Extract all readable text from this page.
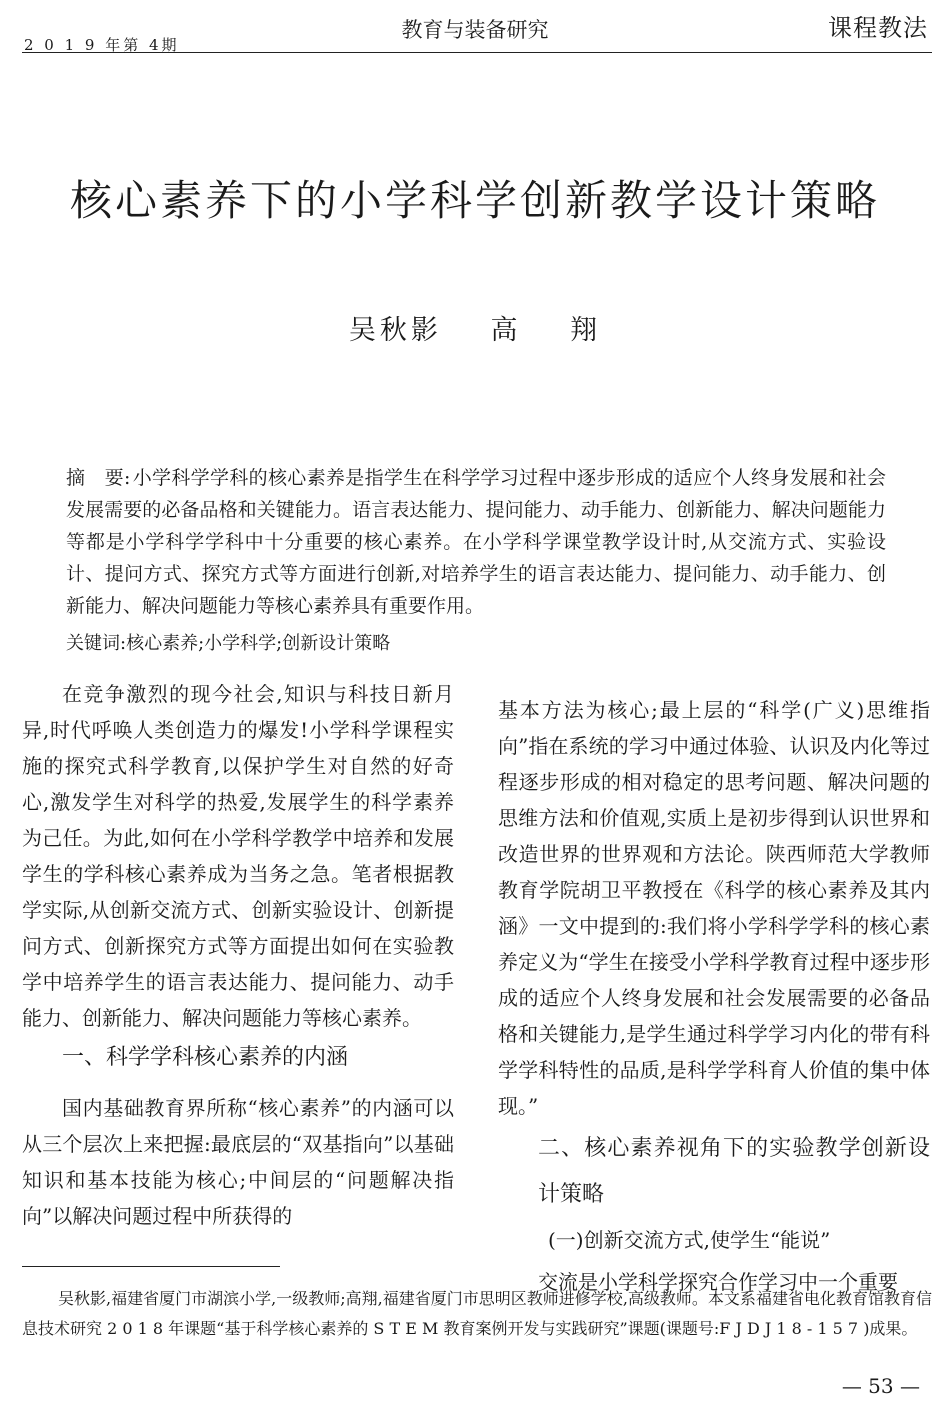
2 0 1 9 年第 4期
教育与装备研究	课程教法
核心素养下的小学科学创新教学设计策略
吴秋影 高 翔
摘　要: 小学科学学科的核心素养是指学生在科学学习过程中逐步形成的适应个人终身发展和社会发展需要的必备品格和关键能力。语言表达能力、提问能力、动手能力、创新能力、解决问题能力等都是小学科学学科中十分重要的核心素养。在小学科学课堂教学设计时,从交流方式、实验设计、提问方式、探究方式等方面进行创新,对培养学生的语言表达能力、提问能力、动手能力、创新能力、解决问题能力等核心素养具有重要作用。
关键词:核心素养;小学科学;创新设计策略

在竞争激烈的现今社会,知识与科技日新月异,时代呼唤人类创造力的爆发!小学科学课程实施的探究式科学教育,以保护学生对自然的好奇心,激发学生对科学的热爱,发展学生的科学素养为己任。为此,如何在小学科学教学中培养和发展学生的学科核心素养成为当务之急。笔者根据教学实际,从创新交流方式、创新实验设计、创新提问方式、创新探究方式等方面提出如何在实验教学中培养学生的语言表达能力、提问能力、动手能力、创新能力、解决问题能力等核心素养。

一、科学学科核心素养的内涵

国内基础教育界所称“核心素养”的内涵可以从三个层次上来把握:最底层的“双基指向”以基础知识和基本技能为核心;中间层的“问题解决指向”以解决问题过程中所获得的

基本方法为核心;最上层的“科学(广义)思维指向”指在系统的学习中通过体验、认识及内化等过程逐步形成的相对稳定的思考问题、解决问题的思维方法和价值观,实质上是初步得到认识世界和改造世界的世界观和方法论。陕西师范大学教师教育学院胡卫平教授在《科学的核心素养及其内涵》一文中提到的:我们将小学科学学科的核心素养定义为“学生在接受小学科学教育过程中逐步形成的适应个人终身发展和社会发展需要的必备品格和关键能力,是学生通过科学学习内化的带有科学学科特性的品质,是科学学科育人价值的集中体现。”

二、核心素养视角下的实验教学创新设计策略

(一)创新交流方式,使学生“能说”

交流是小学科学探究合作学习中一个重要

吴秋影,福建省厦门市湖滨小学,一级教师;高翔,福建省厦门市思明区教师进修学校,高级教师。本文系福建省电化教育馆教育信息技术研究 2 0 1 8 年课题“基于科学核心素养的 S T E M 教育案例开发与实践研究”课题(课题号:F J D J 1 8 - 1 5 7 )成果。

— 53 —
